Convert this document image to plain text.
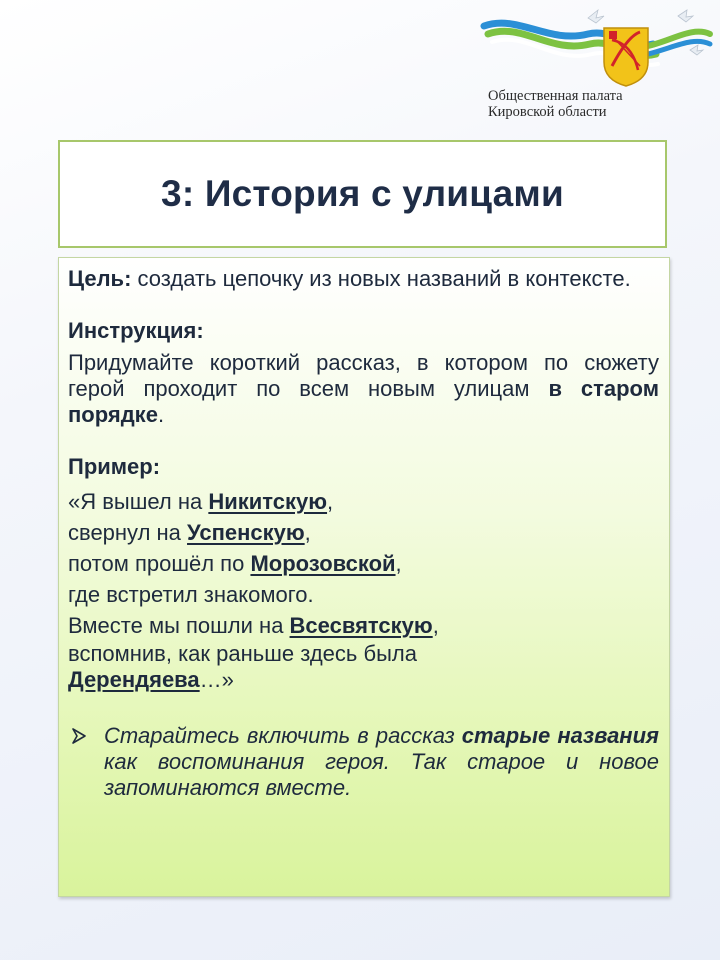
Общественная палата
Кировской области
3: История с улицами

Цель: создать цепочку из новых названий в контексте.

Инструкция:

Придумайте короткий рассказ, в котором по сюжету герой проходит по всем новым улицам в старом порядке.

Пример:

«Я вышел на Никитскую,

свернул на Успенскую,

потом прошёл по Морозовской,

где встретил знакомого.

Вместе мы пошли на Всесвятскую,

вспомнив, как раньше здесь была

Дерендяева…»

Старайтесь включить в рассказ старые названия как воспоминания героя. Так старое и новое запоминаются вместе.
